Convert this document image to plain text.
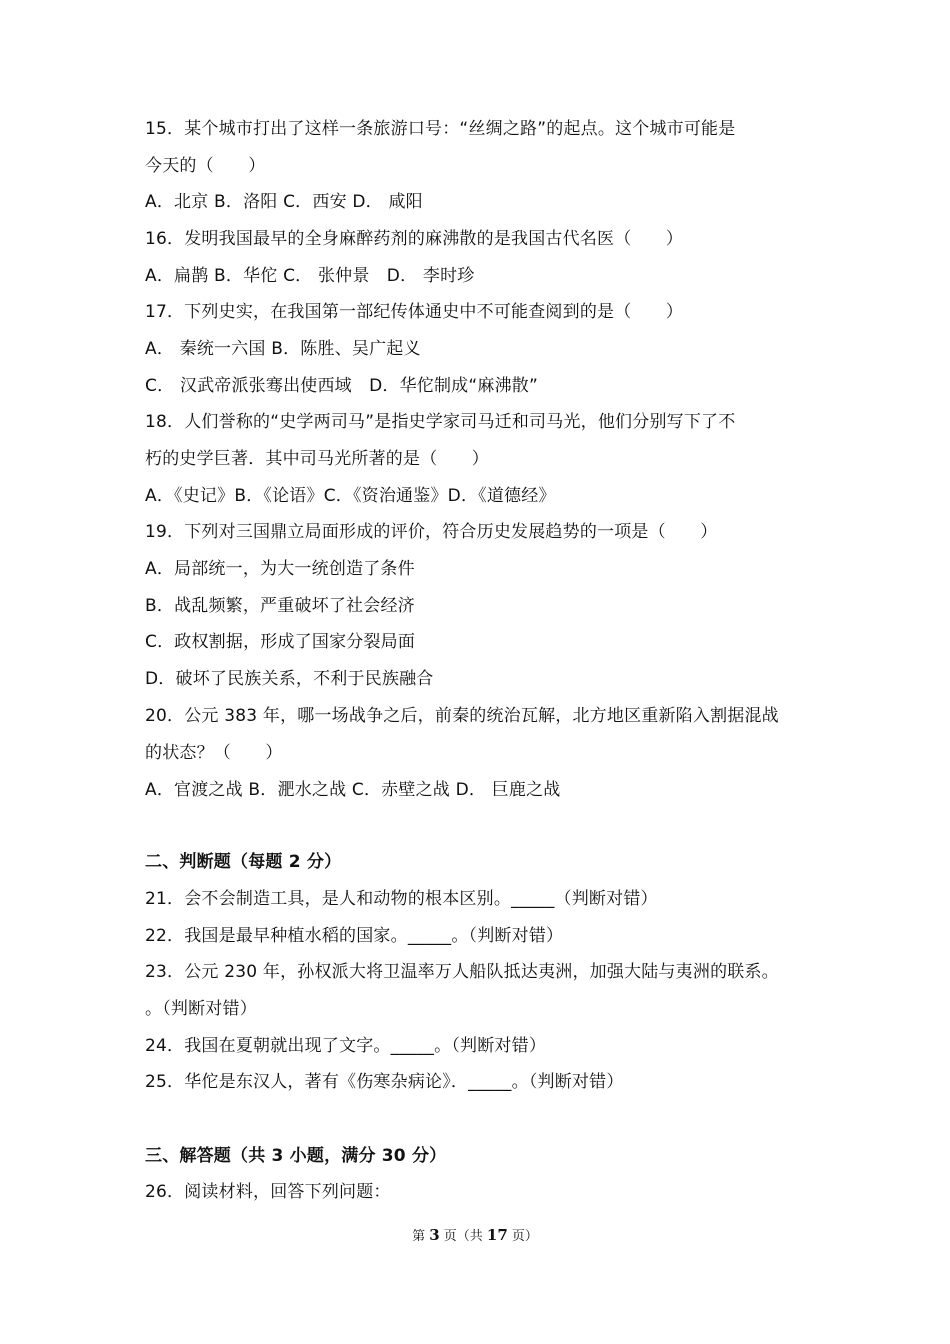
15．某个城市打出了这样一条旅游口号：“丝绸之路”的起点。这个城市可能是
今天的（　　）
A．北京 B．洛阳 C．西安 D． 咸阳
16．发明我国最早的全身麻醉药剂的麻沸散的是我国古代名医（　　）
A．扁鹊 B．华佗 C． 张仲景　D． 李时珍
17．下列史实，在我国第一部纪传体通史中不可能查阅到的是（　　）
A． 秦统一六国 B．陈胜、吴广起义
C． 汉武帝派张骞出使西域　D．华佗制成“麻沸散”
18．人们誉称的“史学两司马”是指史学家司马迁和司马光，他们分别写下了不
朽的史学巨著．其中司马光所著的是（　　）
A．《史记》B．《论语》C．《资治通鉴》D．《道德经》
19．下列对三国鼎立局面形成的评价，符合历史发展趋势的一项是（　　）
A．局部统一，为大一统创造了条件
B．战乱频繁，严重破坏了社会经济
C．政权割据，形成了国家分裂局面
D．破坏了民族关系，不利于民族融合
20．公元 383 年，哪一场战争之后，前秦的统治瓦解，北方地区重新陷入割据混战
的状态？（　　）
A．官渡之战 B．淝水之战 C．赤壁之战 D． 巨鹿之战
二、判断题（每题 2 分）
21．会不会制造工具，是人和动物的根本区别。_____（判断对错）
22．我国是最早种植水稻的国家。_____。（判断对错）
23．公元 230 年，孙权派大将卫温率万人船队抵达夷洲，加强大陆与夷洲的联系。
。（判断对错）
24．我国在夏朝就出现了文字。_____。（判断对错）
25．华佗是东汉人，著有《伤寒杂病论》．_____。（判断对错）
三、解答题（共 3 小题，满分 30 分）
26．阅读材料，回答下列问题：
第 3 页（共 17 页）
